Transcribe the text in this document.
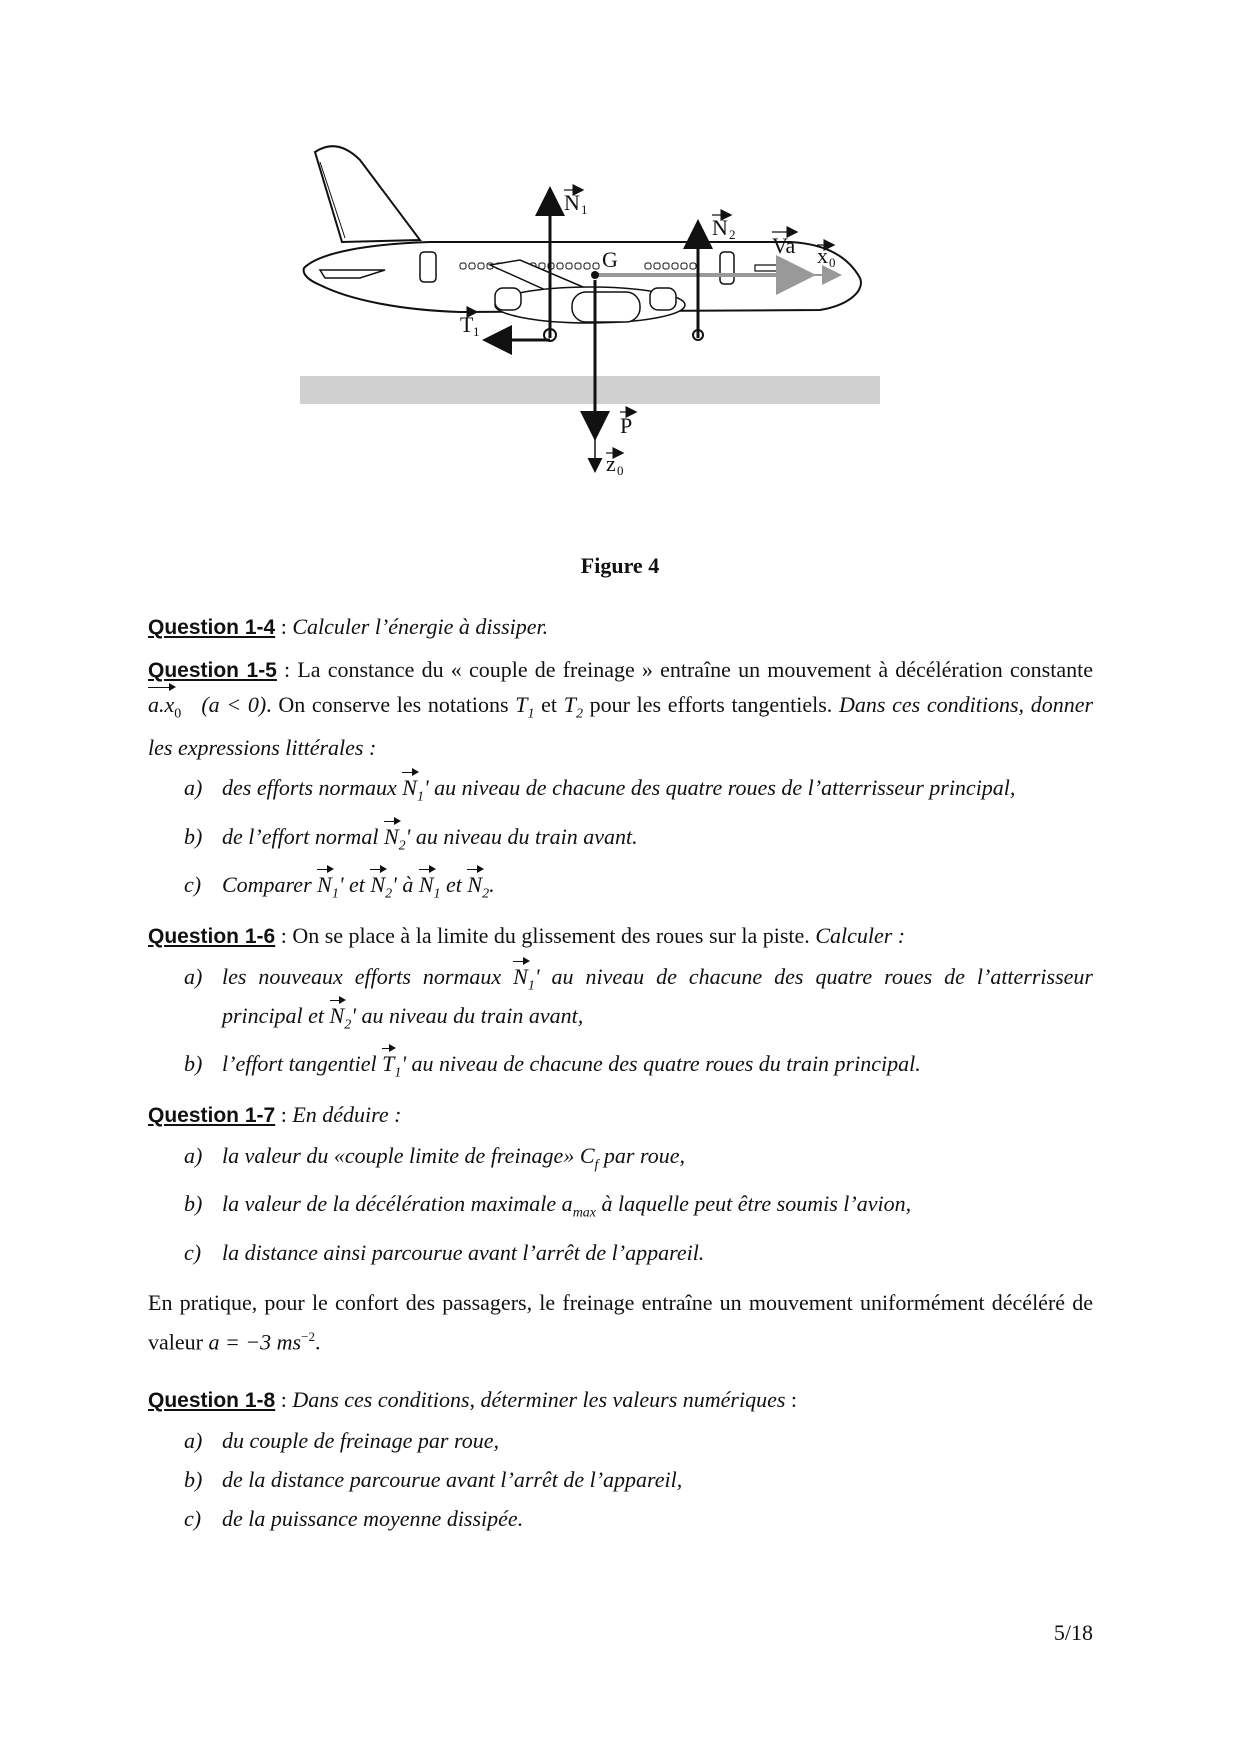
N 1
N 2 Va x 0
G
T 1
P
z 0
Figure 4

Question 1-4 : Calculer l’énergie à dissiper.

Question 1-5 : La constance du « couple de freinage » entraîne un mouvement à décélération constante $a.x_0$ (a < 0). On conserve les notations $T_1$ et $T_2$ pour les efforts tangentiels. Dans ces conditions, donner les expressions littérales :

a) des efforts normaux $N_1'$ au niveau de chacune des quatre roues de l’atterrisseur principal,
b) de l’effort normal $N_2'$ au niveau du train avant.
c) Comparer $N_1'$ et $N_2'$ à $N_1$ et $N_2$.

Question 1-6 : On se place à la limite du glissement des roues sur la piste. Calculer :

a) les nouveaux efforts normaux $N_1'$ au niveau de chacune des quatre roues de l’atterrisseur principal et $N_2'$ au niveau du train avant,
b) l’effort tangentiel $T_1'$ au niveau de chacune des quatre roues du train principal.

Question 1-7 : En déduire :

a) la valeur du «couple limite de freinage» $C_f$ par roue,
b) la valeur de la décélération maximale $a_{max}$ à laquelle peut être soumis l’avion,
c) la distance ainsi parcourue avant l’arrêt de l’appareil.

En pratique, pour le confort des passagers, le freinage entraîne un mouvement uniformément décéléré de valeur a = −3 $ms^{-2}$.

Question 1-8 : Dans ces conditions, déterminer les valeurs numériques :

a) du couple de freinage par roue,
b) de la distance parcourue avant l’arrêt de l’appareil,
c) de la puissance moyenne dissipée.
5/18
